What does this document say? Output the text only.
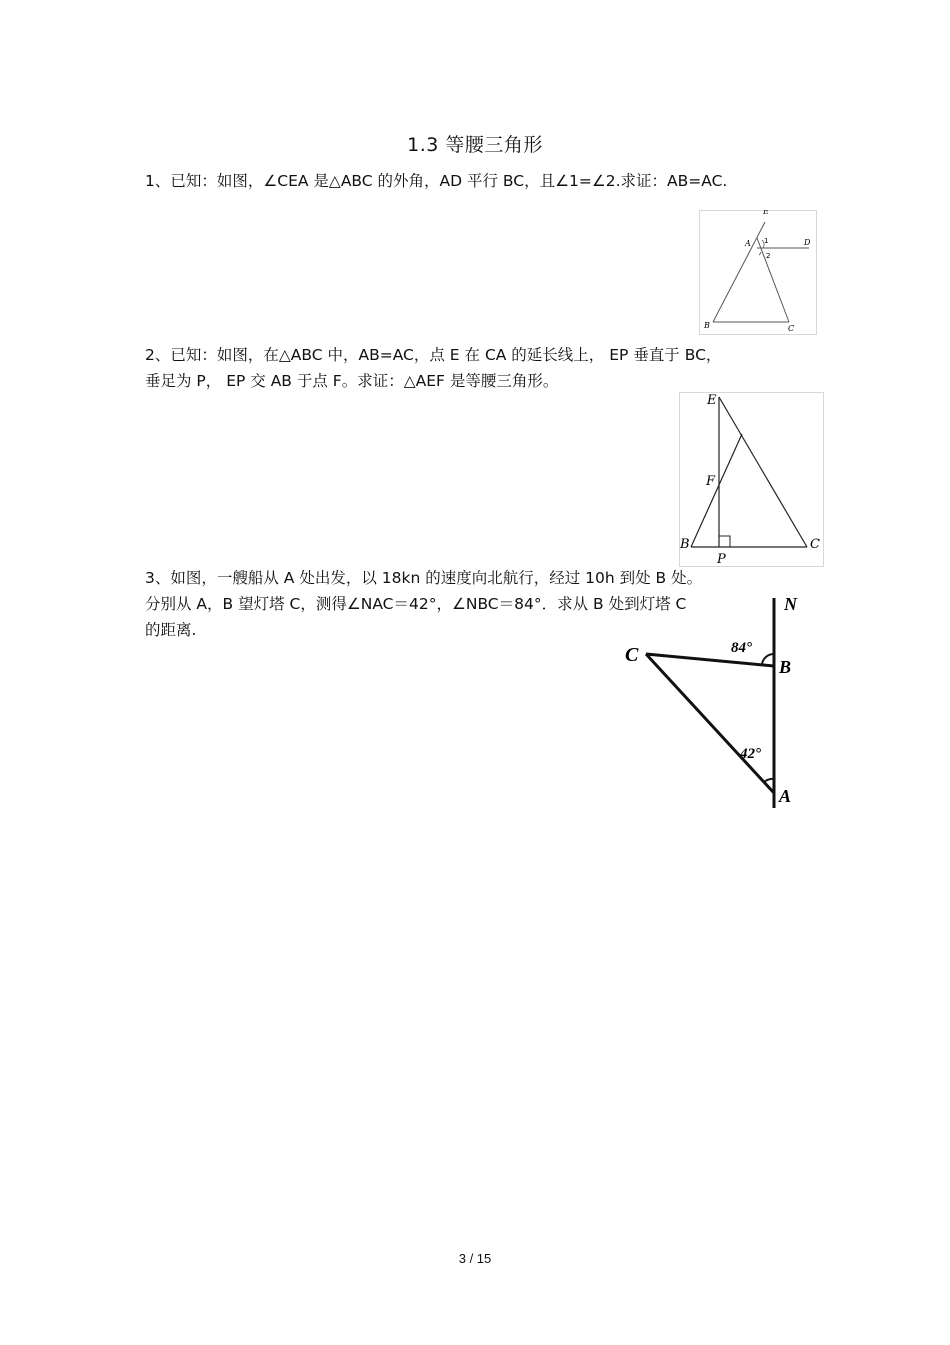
1.3 等腰三角形

1、已知：如图，∠CEA 是△ABC 的外角，AD 平行 BC，且∠1=∠2.求证：AB=AC.

2、已知：如图，在△ABC 中，AB=AC，点 E 在 CA 的延长线上， EP 垂直于 BC，
垂足为 P， EP 交 AB 于点 F。求证：△AEF 是等腰三角形。
3、如图，一艘船从 A 处出发，以 18kn 的速度向北航行，经过 10h 到处 B 处。
分别从 A，B 望灯塔 C，测得∠NAC＝42°，∠NBC＝84°．求从 B 处到灯塔 C
的距离.
E
A	D
1
2
B	C
E
F
B
P
C
N
C
B
A
84°
42°
3 / 15
